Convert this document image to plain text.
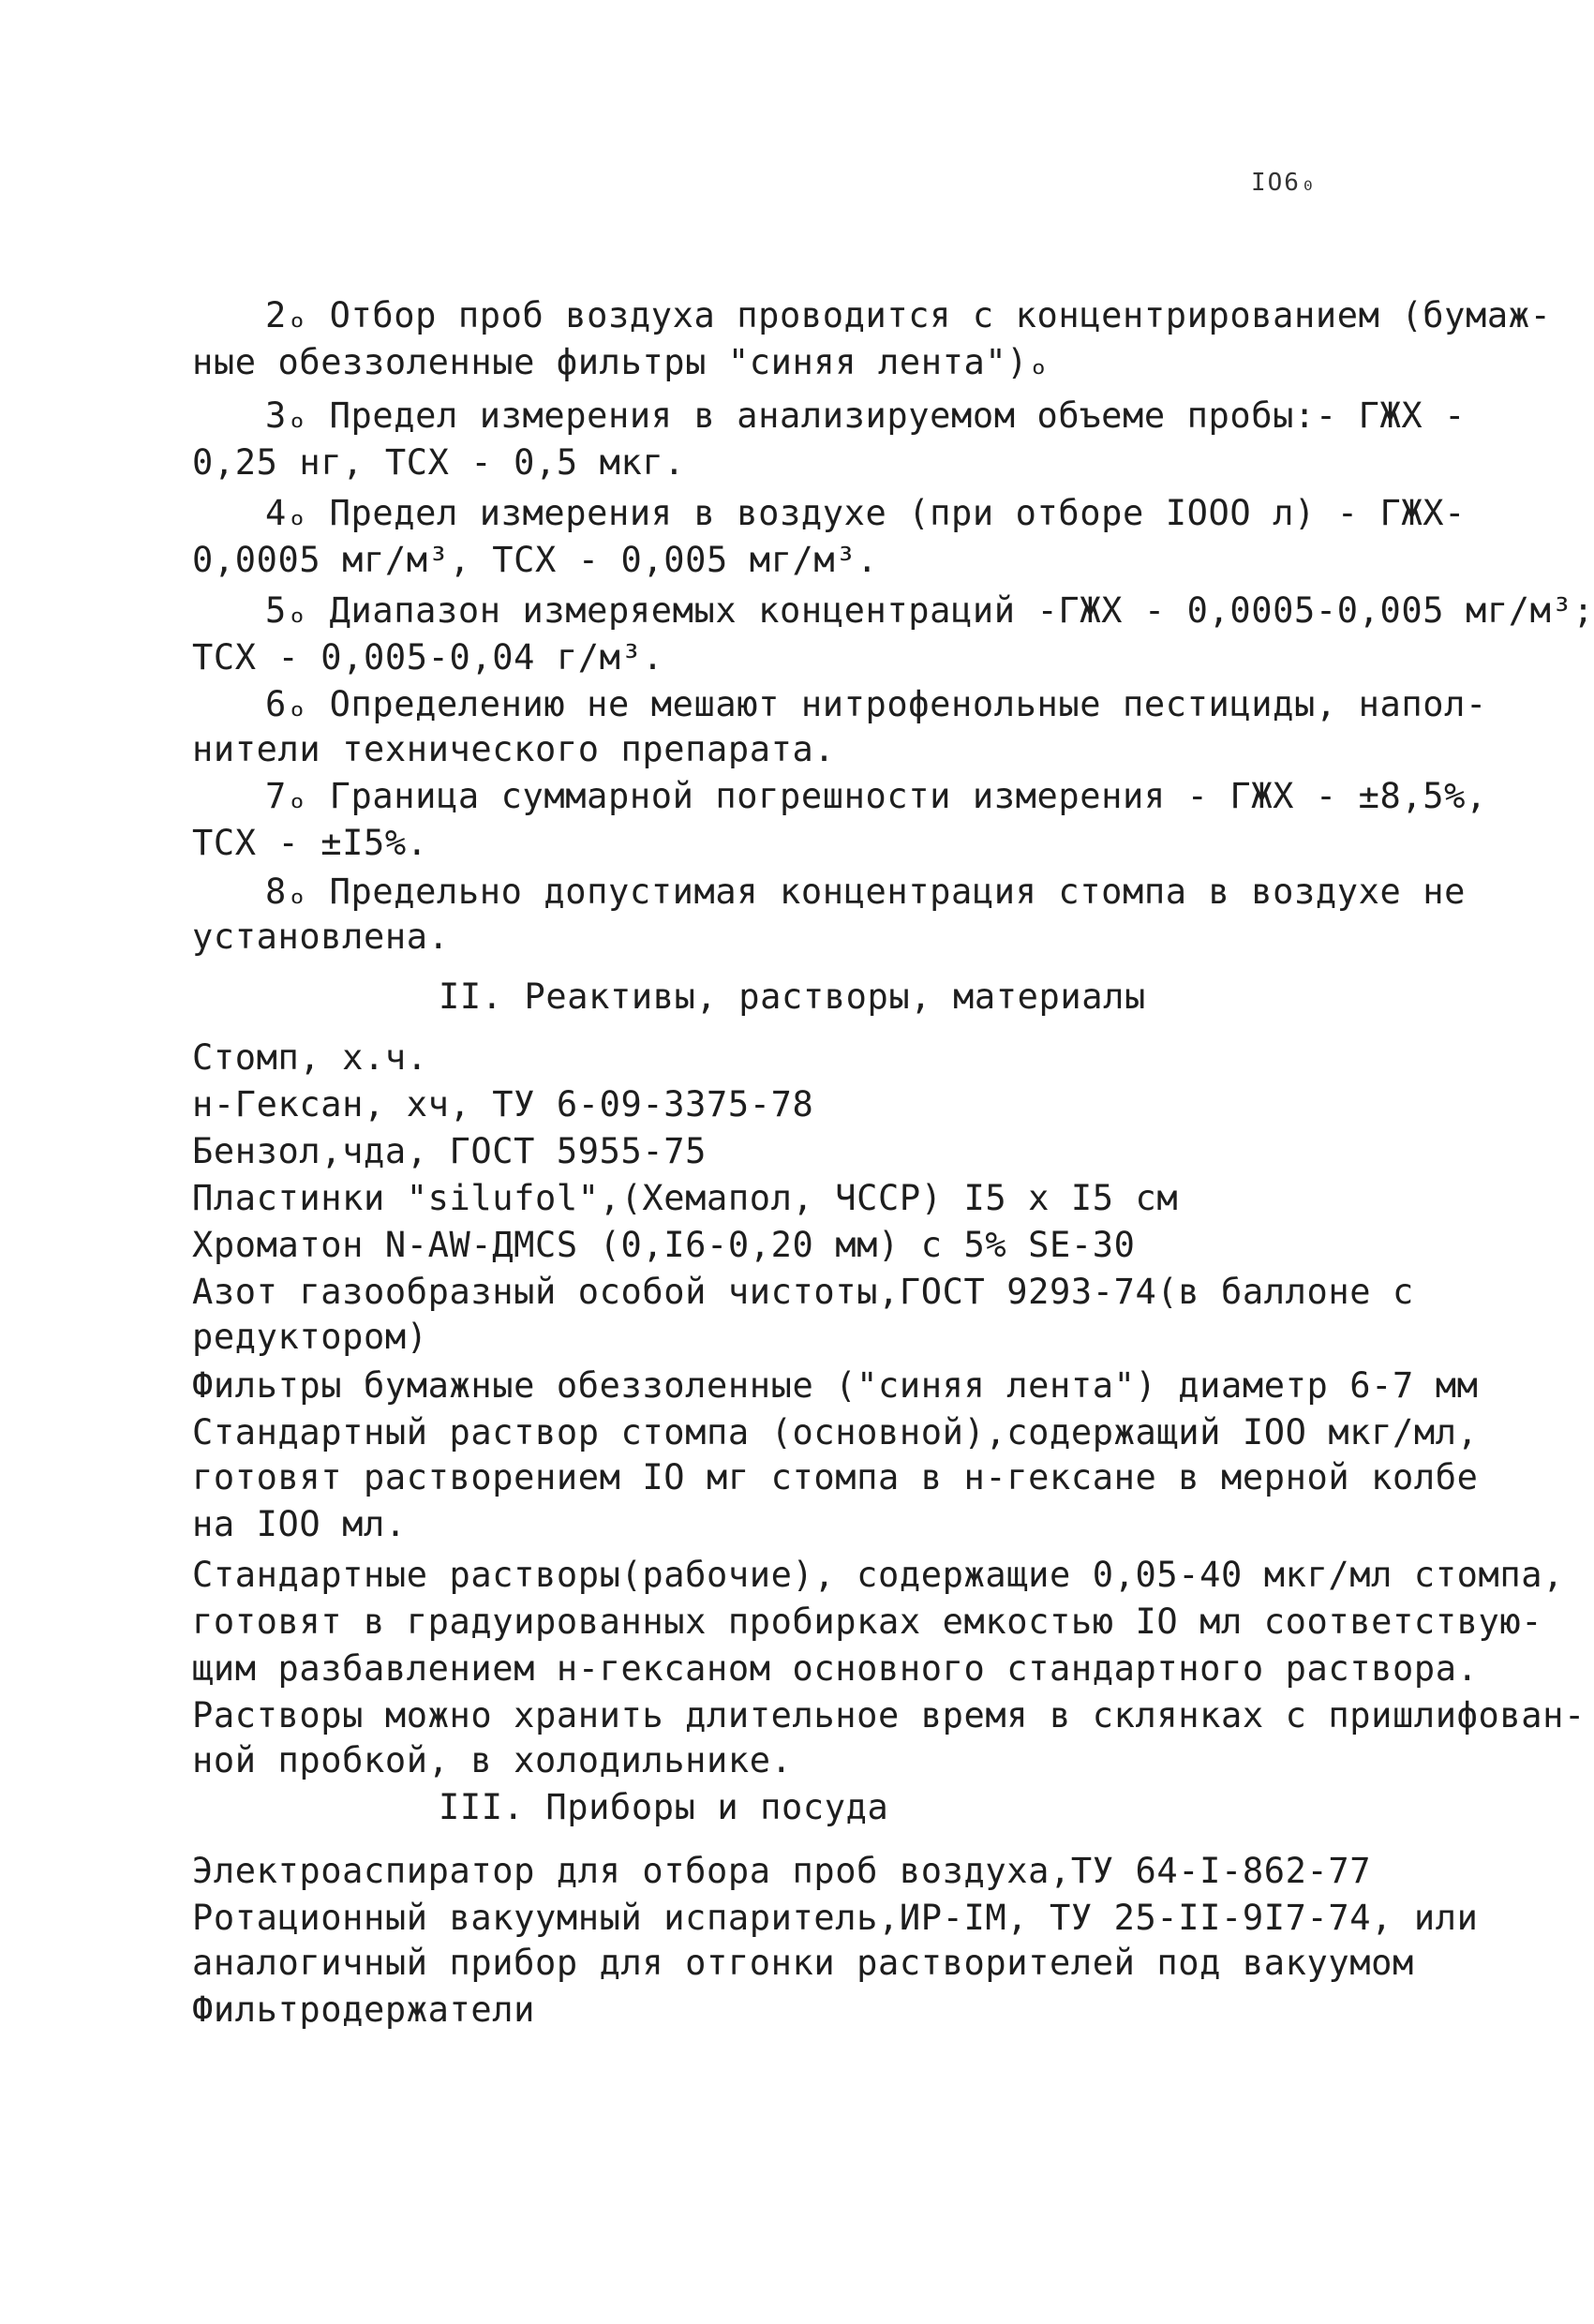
IO6₀
2ₒ Отбор проб воздуха проводится с концентрированием (бумаж-
ные обеззоленные фильтры "синяя лента")ₒ
3ₒ Предел измерения в анализируемом объеме пробы:- ГЖХ -
0,25 нг, ТСХ - 0,5 мкг.
4ₒ Предел измерения в воздухе (при отборе IOOO л) - ГЖХ-
0,0005 мг/м³, ТСХ - 0,005 мг/м³.
5ₒ Диапазон измеряемых концентраций -ГЖХ - 0,0005-0,005 мг/м³;
ТСХ - 0,005-0,04 г/м³.
6ₒ Определению не мешают нитрофенольные пестициды, напол-
нители технического препарата.
7ₒ Граница суммарной погрешности измерения - ГЖХ - ±8,5%,
ТСХ - ±I5%.
8ₒ Предельно допустимая концентрация стомпа в воздухе не
установлена.
II. Реактивы, растворы, материалы
Стомп, х.ч.
н-Гексан, хч, ТУ 6-09-3375-78
Бензол,чда, ГОСТ 5955-75
Пластинки "silufol",(Хемапол, ЧССР) I5 х I5 см
Хроматон N-AW-ДМCS (0,I6-0,20 мм) с 5% SE-30
Азот газообразный особой чистоты,ГОСТ 9293-74(в баллоне с
редуктором)
Фильтры бумажные обеззоленные ("синяя лента") диаметр 6-7 мм
Стандартный раствор стомпа (основной),содержащий IOO мкг/мл,
готовят растворением IO мг стомпа в н-гексане в мерной колбе
на IOO мл.
Стандартные растворы(рабочие), содержащие 0,05-40 мкг/мл стомпа,
готовят в градуированных пробирках емкостью IO мл соответствую-
щим разбавлением н-гексаном основного стандартного раствора.
Растворы можно хранить длительное время в склянках с пришлифован-
ной пробкой, в холодильнике.
III. Приборы и посуда
Электроаспиратор для отбора проб воздуха,ТУ 64-I-862-77
Ротационный вакуумный испаритель,ИР-IМ, ТУ 25-II-9I7-74, или
аналогичный прибор для отгонки растворителей под вакуумом
Фильтродержатели
